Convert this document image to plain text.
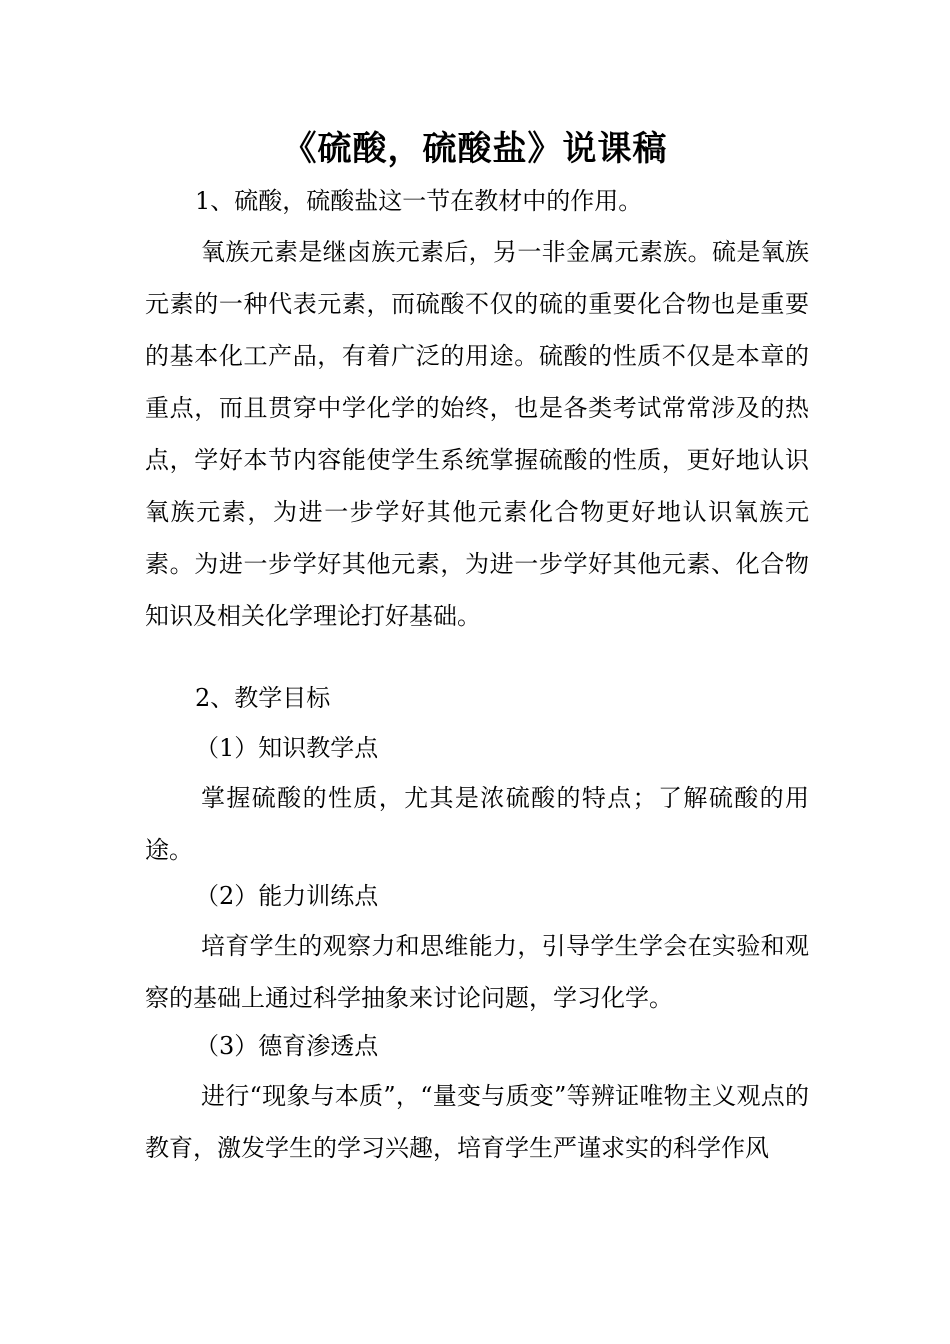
《硫酸，硫酸盐》说课稿
1、硫酸，硫酸盐这一节在教材中的作用。
氧族元素是继卤族元素后，另一非金属元素族。硫是氧族元素的一种代表元素，而硫酸不仅的硫的重要化合物也是重要的基本化工产品，有着广泛的用途。硫酸的性质不仅是本章的重点，而且贯穿中学化学的始终，也是各类考试常常涉及的热点，学好本节内容能使学生系统掌握硫酸的性质，更好地认识氧族元素，为进一步学好其他元素化合物更好地认识氧族元素。为进一步学好其他元素，为进一步学好其他元素、化合物知识及相关化学理论打好基础。
2、教学目标
（1）知识教学点
掌握硫酸的性质，尤其是浓硫酸的特点；了解硫酸的用途。
（2）能力训练点
培育学生的观察力和思维能力，引导学生学会在实验和观察的基础上通过科学抽象来讨论问题，学习化学。
（3）德育渗透点
进行“现象与本质”，“量变与质变”等辨证唯物主义观点的教育，激发学生的学习兴趣，培育学生严谨求实的科学作风
